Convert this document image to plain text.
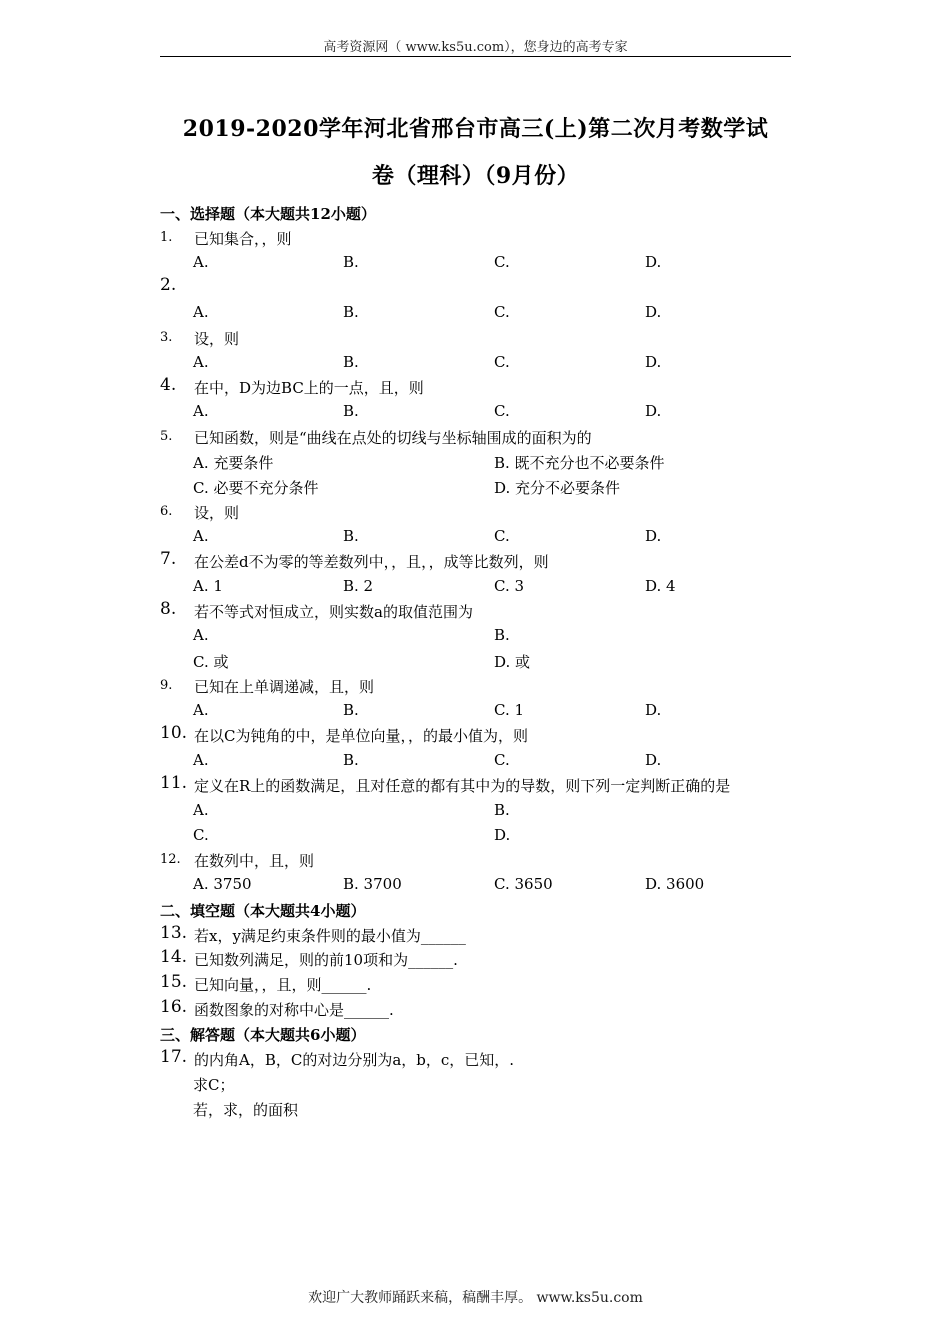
高考资源网（ www.ks5u.com），您身边的高考专家
2019-2020学年河北省邢台市高三(上)第二次月考数学试
卷（理科）（9月份）
一、选择题（本大题共12小题）
1. 已知集合，，则
A.	B.	C.	D.
2.
A.	B.	C.	D.
3. 设，则
A.	B.	C.	D.
4. 在中，D为边BC上的一点，且，则
A.	B.	C.	D.
5. 已知函数，则是“曲线在点处的切线与坐标轴围成的面积为的
A. 充要条件	B. 既不充分也不必要条件
C. 必要不充分条件	D. 充分不必要条件
6. 设，则
A.	B.	C.	D.
7. 在公差d不为零的等差数列中，，且，，成等比数列，则
A. 1	B. 2	C. 3	D. 4
8. 若不等式对恒成立，则实数a的取值范围为
A.	B.
C. 或	D. 或
9. 已知在上单调递减，且，则
A.	B.	C. 1	D.
10. 在以C为钝角的中，是单位向量，，的最小值为，则
A.	B.	C.	D.
11. 定义在R上的函数满足，且对任意的都有其中为的导数，则下列一定判断正确的是
A.	B.
C.	D.
12. 在数列中，且，则
A. 3750	B. 3700	C. 3650	D. 3600
二、填空题（本大题共4小题）
13. 若x，y满足约束条件则的最小值为______
14. 已知数列满足，则的前10项和为______.
15. 已知向量，，且，则______.
16. 函数图象的对称中心是______.
三、解答题（本大题共6小题）
17. 的内角A，B，C的对边分别为a，b，c，已知，.
求C；
若，求，的面积
欢迎广大教师踊跃来稿，稿酬丰厚。 www.ks5u.com
